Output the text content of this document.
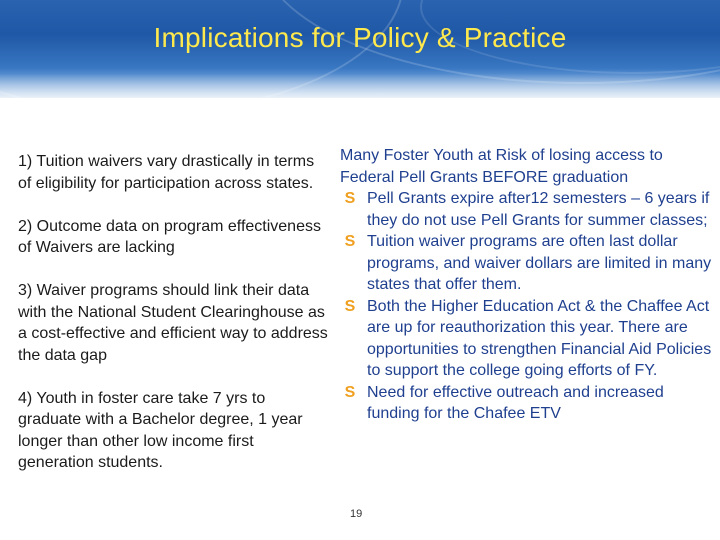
Implications for Policy & Practice

1) Tuition waivers vary drastically in terms of eligibility for participation across states.

2) Outcome data on program effectiveness of Waivers are lacking

3) Waiver programs should link their data with the National Student Clearinghouse as a cost-effective and efficient way to address the data gap

4) Youth in foster care take 7 yrs to graduate with a Bachelor degree, 1 year longer than other low income first generation students.

Many Foster Youth at Risk of losing access to Federal Pell Grants BEFORE graduation
S Pell Grants expire after12 semesters – 6 years if they do not use Pell Grants for summer classes;
S Tuition waiver programs are often last dollar programs, and waiver dollars are limited in many states that offer them.
S Both the Higher Education Act & the Chaffee Act are up for reauthorization this year. There are opportunities to strengthen Financial Aid Policies to support the college going efforts of FY.
S Need for effective outreach and increased funding for the Chafee ETV
19
